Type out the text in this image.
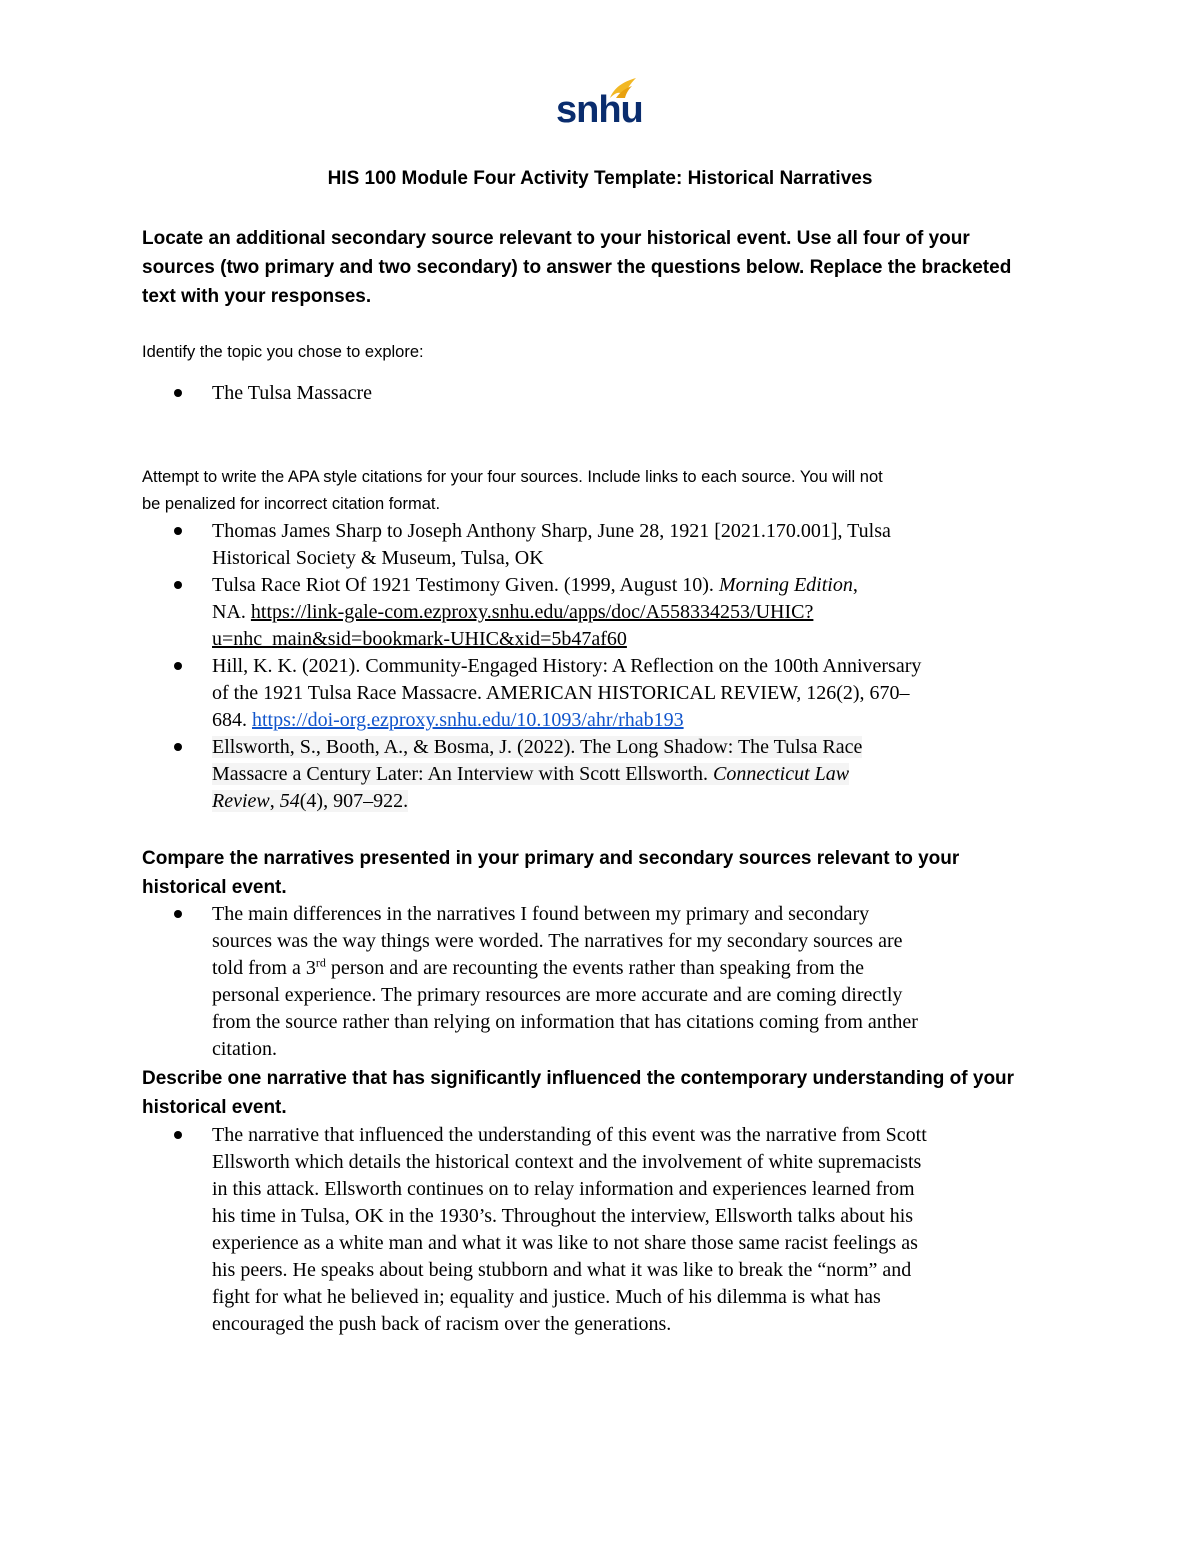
snhu
HIS 100 Module Four Activity Template: Historical Narratives
Locate an additional secondary source relevant to your historical event. Use all four of your
sources (two primary and two secondary) to answer the questions below. Replace the bracketed
text with your responses.
Identify the topic you chose to explore:
The Tulsa Massacre
Attempt to write the APA style citations for your four sources. Include links to each source. You will not
be penalized for incorrect citation format.
Thomas James Sharp to Joseph Anthony Sharp, June 28, 1921 [2021.170.001], Tulsa
Historical Society & Museum, Tulsa, OK
Tulsa Race Riot Of 1921 Testimony Given. (1999, August 10). Morning Edition,
NA. https://link-gale-com.ezproxy.snhu.edu/apps/doc/A558334253/UHIC?
u=nhc_main&sid=bookmark-UHIC&xid=5b47af60
Hill, K. K. (2021). Community-Engaged History: A Reflection on the 100th Anniversary
of the 1921 Tulsa Race Massacre. AMERICAN HISTORICAL REVIEW, 126(2), 670–
684. https://doi-org.ezproxy.snhu.edu/10.1093/ahr/rhab193
Ellsworth, S., Booth, A., & Bosma, J. (2022). The Long Shadow: The Tulsa Race
Massacre a Century Later: An Interview with Scott Ellsworth. Connecticut Law
Review, 54(4), 907–922.
Compare the narratives presented in your primary and secondary sources relevant to your
historical event.
The main differences in the narratives I found between my primary and secondary
sources was the way things were worded. The narratives for my secondary sources are
told from a 3rd person and are recounting the events rather than speaking from the
personal experience. The primary resources are more accurate and are coming directly
from the source rather than relying on information that has citations coming from anther
citation.
Describe one narrative that has significantly influenced the contemporary understanding of your
historical event.
The narrative that influenced the understanding of this event was the narrative from Scott
Ellsworth which details the historical context and the involvement of white supremacists
in this attack. Ellsworth continues on to relay information and experiences learned from
his time in Tulsa, OK in the 1930’s. Throughout the interview, Ellsworth talks about his
experience as a white man and what it was like to not share those same racist feelings as
his peers. He speaks about being stubborn and what it was like to break the “norm” and
fight for what he believed in; equality and justice. Much of his dilemma is what has
encouraged the push back of racism over the generations.
